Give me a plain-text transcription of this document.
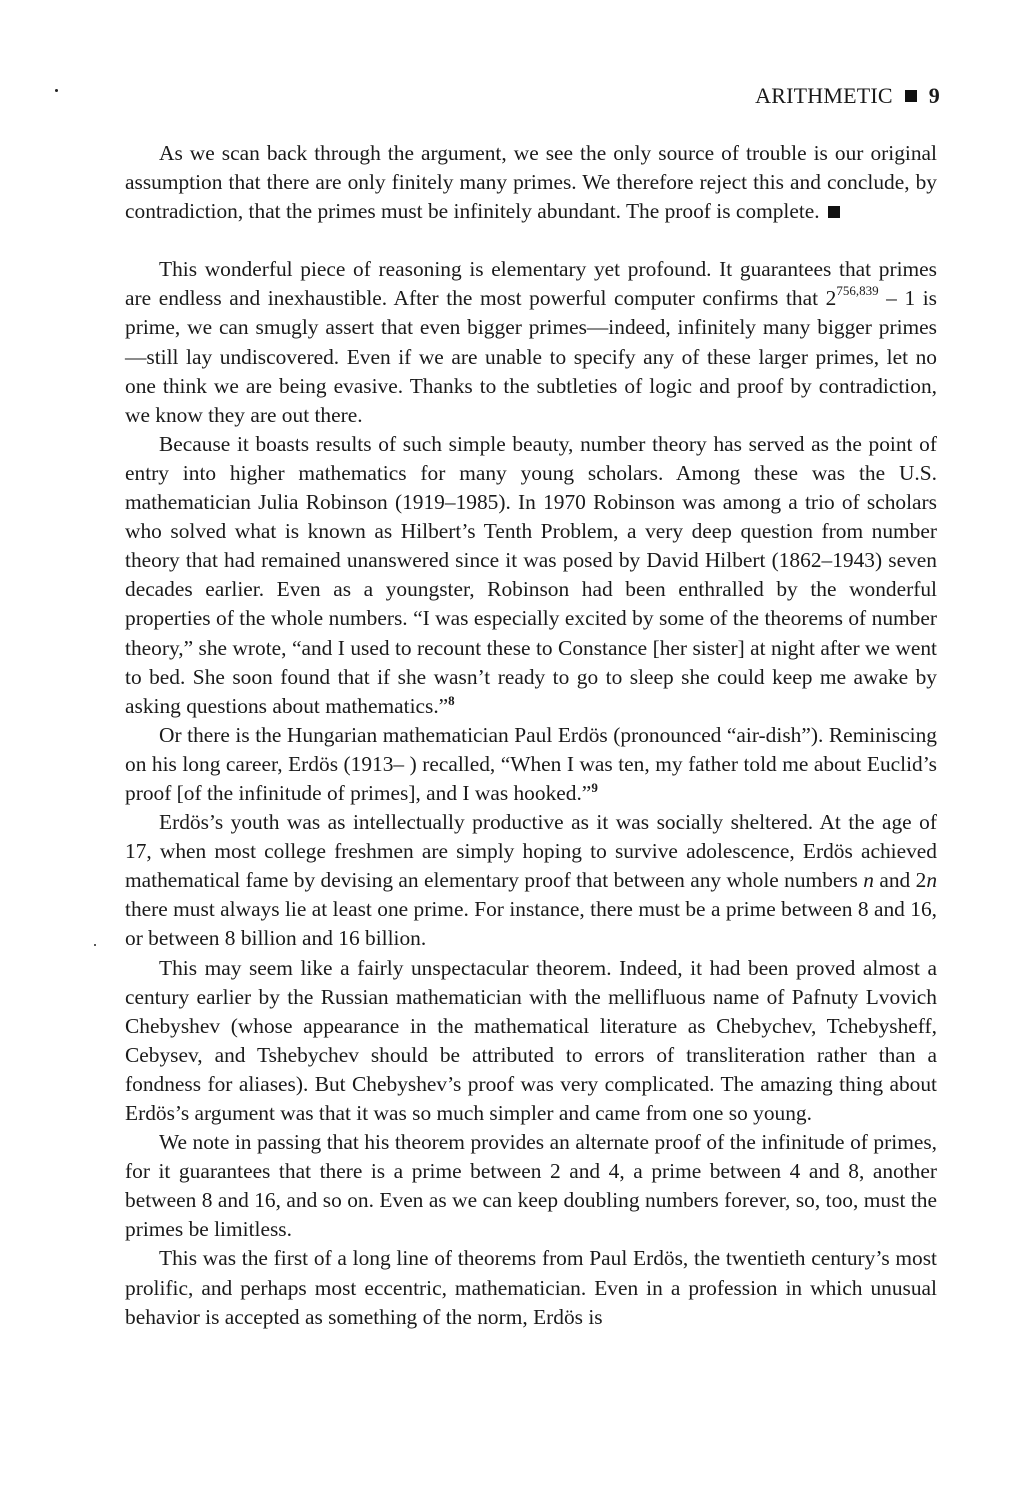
ARITHMETIC 9

As we scan back through the argument, we see the only source of trouble is our original assumption that there are only finitely many primes. We therefore reject this and conclude, by contradiction, that the primes must be infinitely abundant. The proof is complete.

This wonderful piece of reasoning is elementary yet profound. It guarantees that primes are endless and inexhaustible. After the most powerful computer confirms that 2$^{756,839}$ – 1 is prime, we can smugly assert that even bigger primes—indeed, infinitely many bigger primes—still lay undiscovered. Even if we are unable to specify any of these larger primes, let no one think we are being evasive. Thanks to the subtleties of logic and proof by contradiction, we know they are out there.

Because it boasts results of such simple beauty, number theory has served as the point of entry into higher mathematics for many young scholars. Among these was the U.S. mathematician Julia Robinson (1919–1985). In 1970 Robinson was among a trio of scholars who solved what is known as Hilbert’s Tenth Problem, a very deep question from number theory that had remained unanswered since it was posed by David Hilbert (1862–1943) seven decades earlier. Even as a youngster, Robinson had been enthralled by the wonderful properties of the whole numbers. “I was especially excited by some of the theorems of number theory,” she wrote, “and I used to recount these to Constance [her sister] at night after we went to bed. She soon found that if she wasn’t ready to go to sleep she could keep me awake by asking questions about mathematics.”$^8$

Or there is the Hungarian mathematician Paul Erdös (pronounced “air-dish”). Reminiscing on his long career, Erdös (1913– ) recalled, “When I was ten, my father told me about Euclid’s proof [of the infinitude of primes], and I was hooked.”$^9$

Erdös’s youth was as intellectually productive as it was socially sheltered. At the age of 17, when most college freshmen are simply hoping to survive adolescence, Erdös achieved mathematical fame by devising an elementary proof that between any whole numbers n and 2n there must always lie at least one prime. For instance, there must be a prime between 8 and 16, or between 8 billion and 16 billion.

This may seem like a fairly unspectacular theorem. Indeed, it had been proved almost a century earlier by the Russian mathematician with the mellifluous name of Pafnuty Lvovich Chebyshev (whose appearance in the mathematical literature as Chebychev, Tchebysheff, Cebysev, and Tshebychev should be attributed to errors of transliteration rather than a fondness for aliases). But Chebyshev’s proof was very complicated. The amazing thing about Erdös’s argument was that it was so much simpler and came from one so young.

We note in passing that his theorem provides an alternate proof of the infinitude of primes, for it guarantees that there is a prime between 2 and 4, a prime between 4 and 8, another between 8 and 16, and so on. Even as we can keep doubling numbers forever, so, too, must the primes be limitless.

This was the first of a long line of theorems from Paul Erdös, the twentieth century’s most prolific, and perhaps most eccentric, mathematician. Even in a profession in which unusual behavior is accepted as something of the norm, Erdös is
